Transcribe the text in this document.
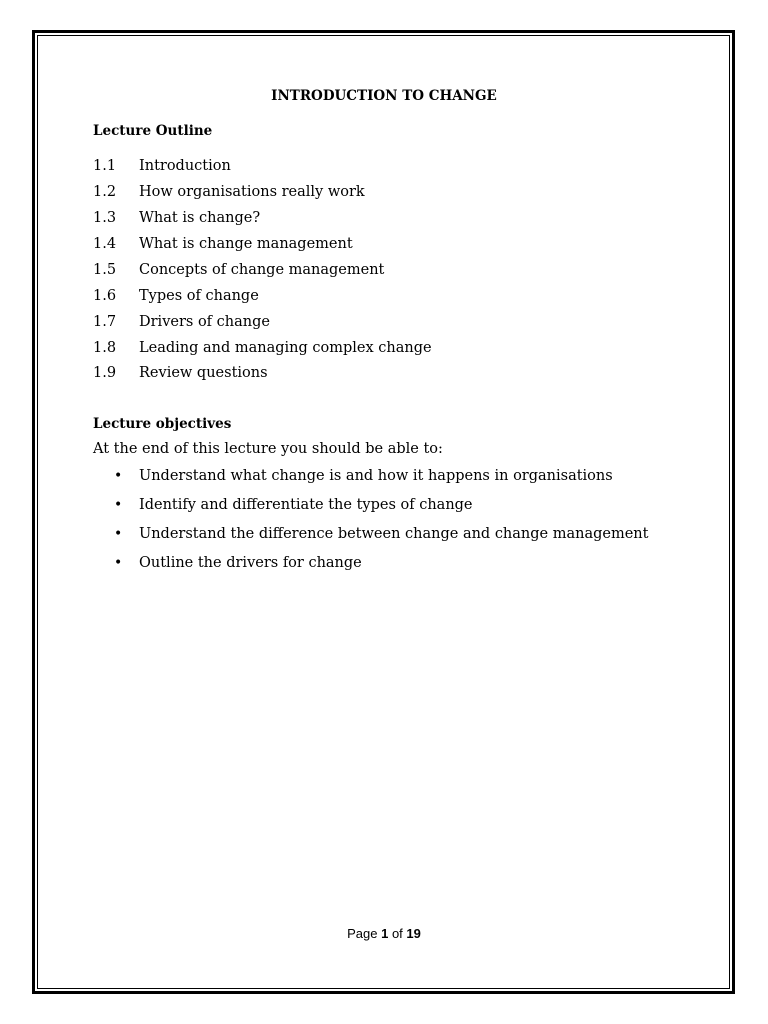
INTRODUCTION TO CHANGE
Lecture Outline
1.1 Introduction
1.2 How organisations really work
1.3 What is change?
1.4 What is change management
1.5 Concepts of change management
1.6 Types of change
1.7 Drivers of change
1.8 Leading and managing complex change
1.9 Review questions
Lecture objectives
At the end of this lecture you should be able to:
• Understand what change is and how it happens in organisations
• Identify and differentiate the types of change
• Understand the difference between change and change management
• Outline the drivers for change
Page 1 of 19
